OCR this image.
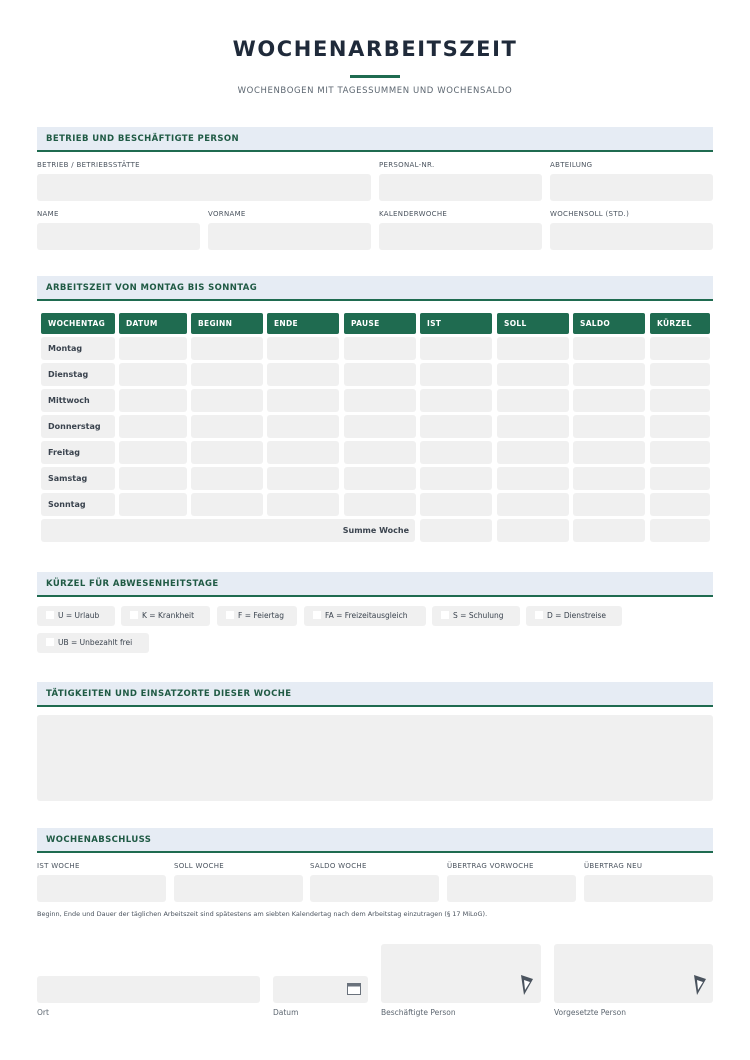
WOCHENARBEITSZEIT
WOCHENBOGEN MIT TAGESSUMMEN UND WOCHENSALDO
BETRIEB UND BESCHÄFTIGTE PERSON
BETRIEB / BETRIEBSSTÄTTE	PERSONAL-NR.	ABTEILUNG
NAME	VORNAME	KALENDERWOCHE	WOCHENSOLL (STD.)
ARBEITSZEIT VON MONTAG BIS SONNTAG
WOCHENTAG	DATUM	BEGINN	ENDE	PAUSE	IST	SOLL	SALDO	KÜRZEL
Montag
Dienstag
Mittwoch
Donnerstag
Freitag
Samstag
Sonntag
Summe Woche
KÜRZEL FÜR ABWESENHEITSTAGE
U = Urlaub	K = Krankheit	F = Feiertag	FA = Freizeitausgleich	S = Schulung	D = Dienstreise
UB = Unbezahlt frei
TÄTIGKEITEN UND EINSATZORTE DIESER WOCHE
WOCHENABSCHLUSS
IST WOCHE	SOLL WOCHE	SALDO WOCHE	ÜBERTRAG VORWOCHE	ÜBERTRAG NEU
Beginn, Ende und Dauer der täglichen Arbeitszeit sind spätestens am siebten Kalendertag nach dem Arbeitstag einzutragen (§ 17 MiLoG).
Ort	Datum	Beschäftigte Person	Vorgesetzte Person
